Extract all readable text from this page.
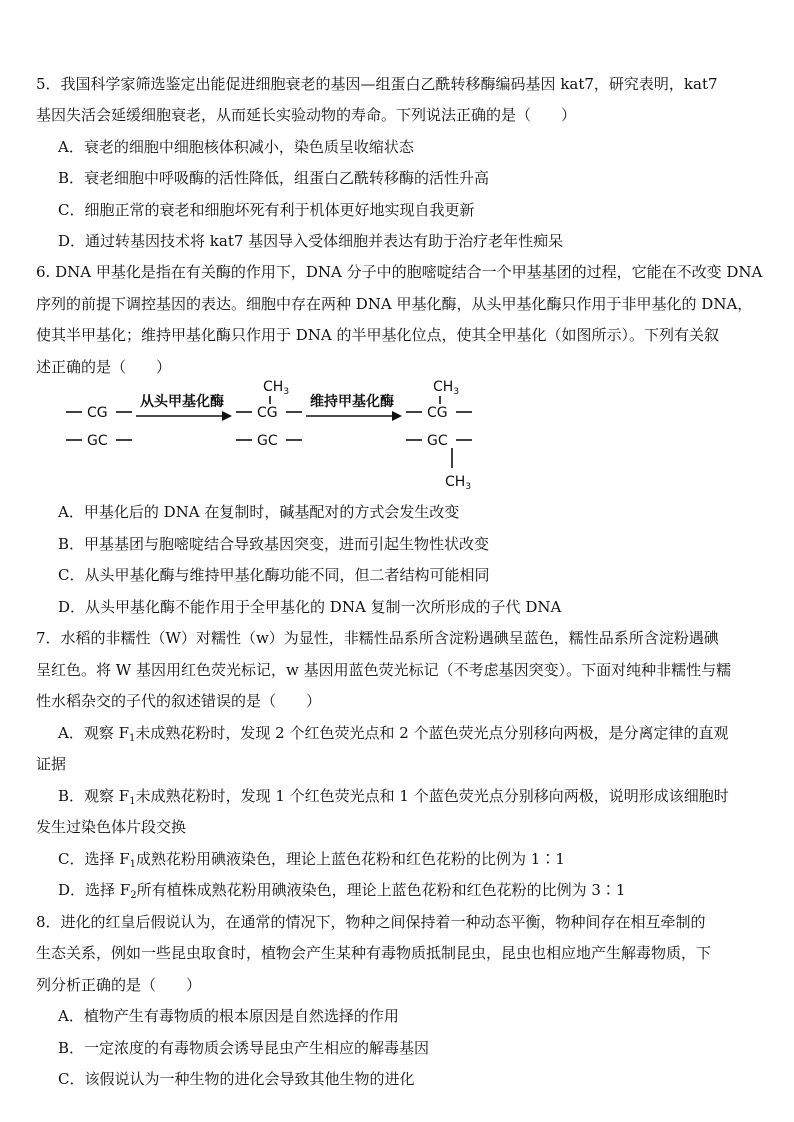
5．我国科学家筛选鉴定出能促进细胞衰老的基因—组蛋白乙酰转移酶编码基因 kat7，研究表明，kat7
基因失活会延缓细胞衰老，从而延长实验动物的寿命。下列说法正确的是（　　）
A．衰老的细胞中细胞核体积减小，染色质呈收缩状态
B．衰老细胞中呼吸酶的活性降低，组蛋白乙酰转移酶的活性升高
C．细胞正常的衰老和细胞坏死有利于机体更好地实现自我更新
D．通过转基因技术将 kat7 基因导入受体细胞并表达有助于治疗老年性痴呆
6. DNA 甲基化是指在有关酶的作用下，DNA 分子中的胞嘧啶结合一个甲基基团的过程，它能在不改变 DNA
序列的前提下调控基因的表达。细胞中存在两种 DNA 甲基化酶，从头甲基化酶只作用于非甲基化的 DNA，
使其半甲基化；维持甲基化酶只作用于 DNA 的半甲基化位点，使其全甲基化（如图所示）。下列有关叙
述正确的是（　　）
CG
GC
从头甲基化酶
$CH_3$
CG
GC
维持甲基化酶
$CH_3$
CG
GC
$CH_3$
A．甲基化后的 DNA 在复制时，碱基配对的方式会发生改变
B．甲基基团与胞嘧啶结合导致基因突变，进而引起生物性状改变
C．从头甲基化酶与维持甲基化酶功能不同，但二者结构可能相同
D．从头甲基化酶不能作用于全甲基化的 DNA 复制一次所形成的子代 DNA
7．水稻的非糯性（W）对糯性（w）为显性，非糯性品系所含淀粉遇碘呈蓝色，糯性品系所含淀粉遇碘
呈红色。将 W 基因用红色荧光标记，w 基因用蓝色荧光标记（不考虑基因突变）。下面对纯种非糯性与糯
性水稻杂交的子代的叙述错误的是（　　）
A．观察 $F_1$未成熟花粉时，发现 2 个红色荧光点和 2 个蓝色荧光点分别移向两极，是分离定律的直观
证据
B．观察 $F_1$未成熟花粉时，发现 1 个红色荧光点和 1 个蓝色荧光点分别移向两极，说明形成该细胞时
发生过染色体片段交换
C．选择 $F_1$成熟花粉用碘液染色，理论上蓝色花粉和红色花粉的比例为 1∶1
D．选择 $F_2$所有植株成熟花粉用碘液染色，理论上蓝色花粉和红色花粉的比例为 3∶1
8．进化的红皇后假说认为，在通常的情况下，物种之间保持着一种动态平衡，物种间存在相互牵制的
生态关系，例如一些昆虫取食时，植物会产生某种有毒物质抵制昆虫，昆虫也相应地产生解毒物质，下
列分析正确的是（　　）
A．植物产生有毒物质的根本原因是自然选择的作用
B．一定浓度的有毒物质会诱导昆虫产生相应的解毒基因
C．该假说认为一种生物的进化会导致其他生物的进化
